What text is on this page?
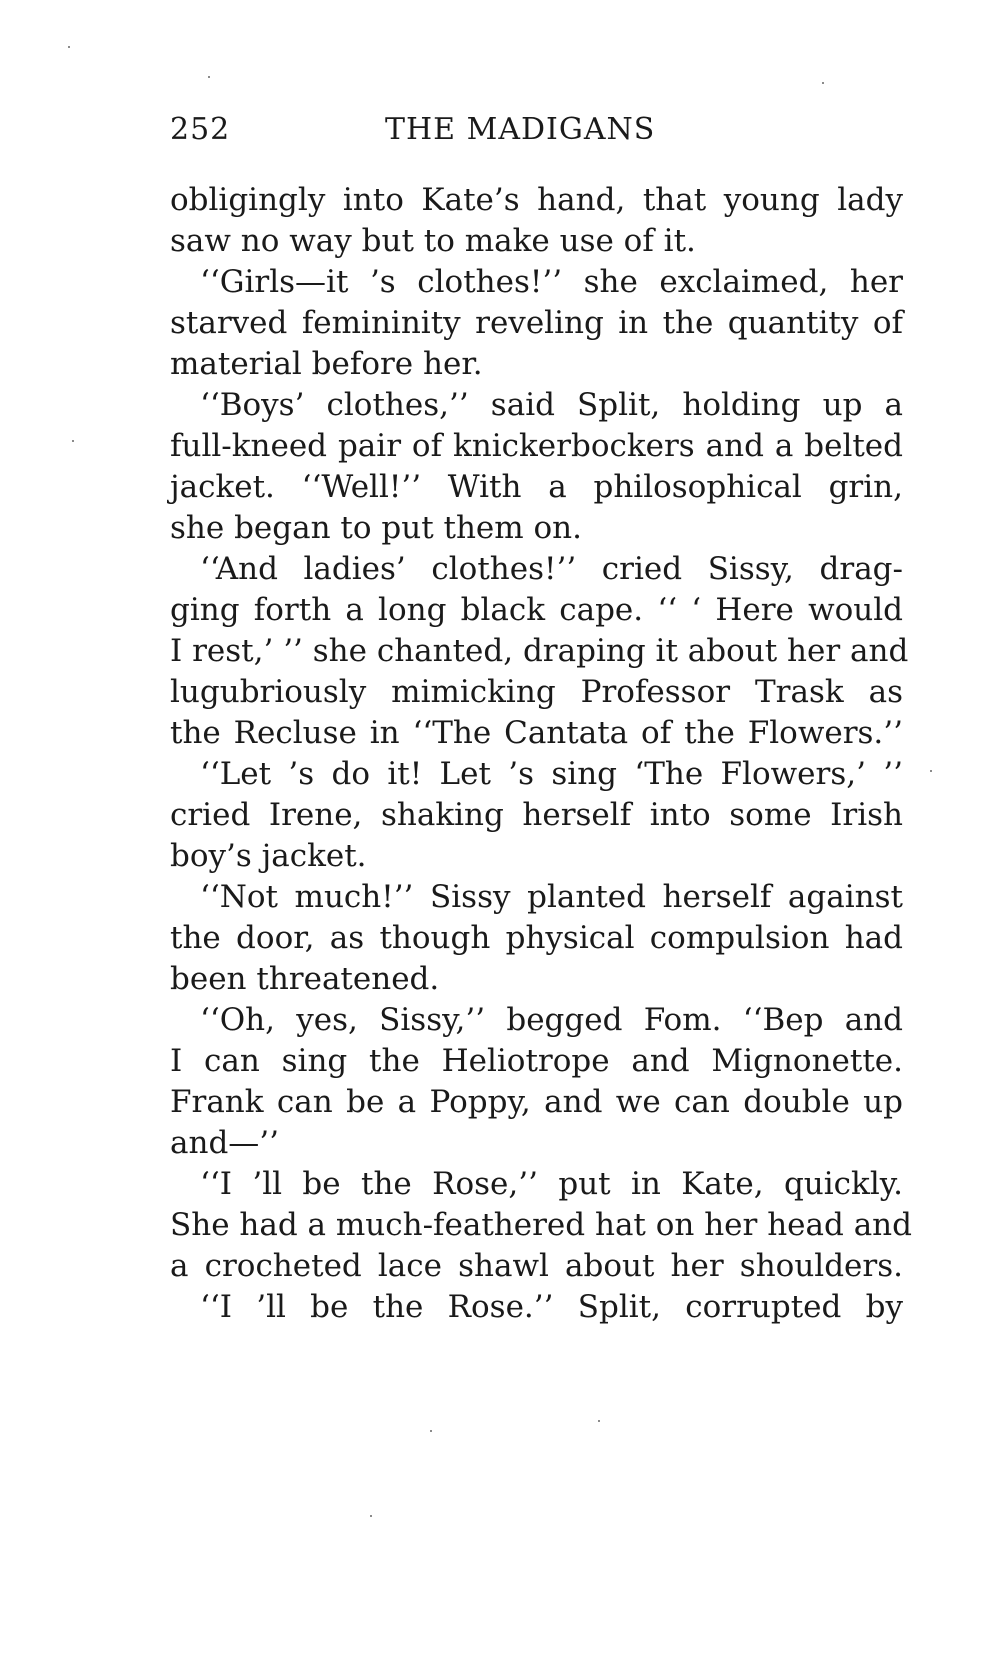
252	THE MADIGANS
obligingly into Kate’s hand, that young lady
saw no way but to make use of it.
‘‘Girls—it ’s clothes!’’ she exclaimed, her
starved femininity reveling in the quantity of
material before her.
‘‘Boys’ clothes,’’ said Split, holding up a
full-kneed pair of knickerbockers and a belted
jacket. ‘‘Well!’’ With a philosophical grin,
she began to put them on.
‘‘And ladies’ clothes!’’ cried Sissy, drag-
ging forth a long black cape. ‘‘ ‘ Here would
I rest,’ ’’ she chanted, draping it about her and
lugubriously mimicking Professor Trask as
the Recluse in ‘‘The Cantata of the Flowers.’’
‘‘Let ’s do it! Let ’s sing ‘The Flowers,’ ’’
cried Irene, shaking herself into some Irish
boy’s jacket.
‘‘Not much!’’ Sissy planted herself against
the door, as though physical compulsion had
been threatened.
‘‘Oh, yes, Sissy,’’ begged Fom. ‘‘Bep and
I can sing the Heliotrope and Mignonette.
Frank can be a Poppy, and we can double up
and—’’
‘‘I ’ll be the Rose,’’ put in Kate, quickly.
She had a much-feathered hat on her head and
a crocheted lace shawl about her shoulders.
‘‘I ’ll be the Rose.’’ Split, corrupted by
